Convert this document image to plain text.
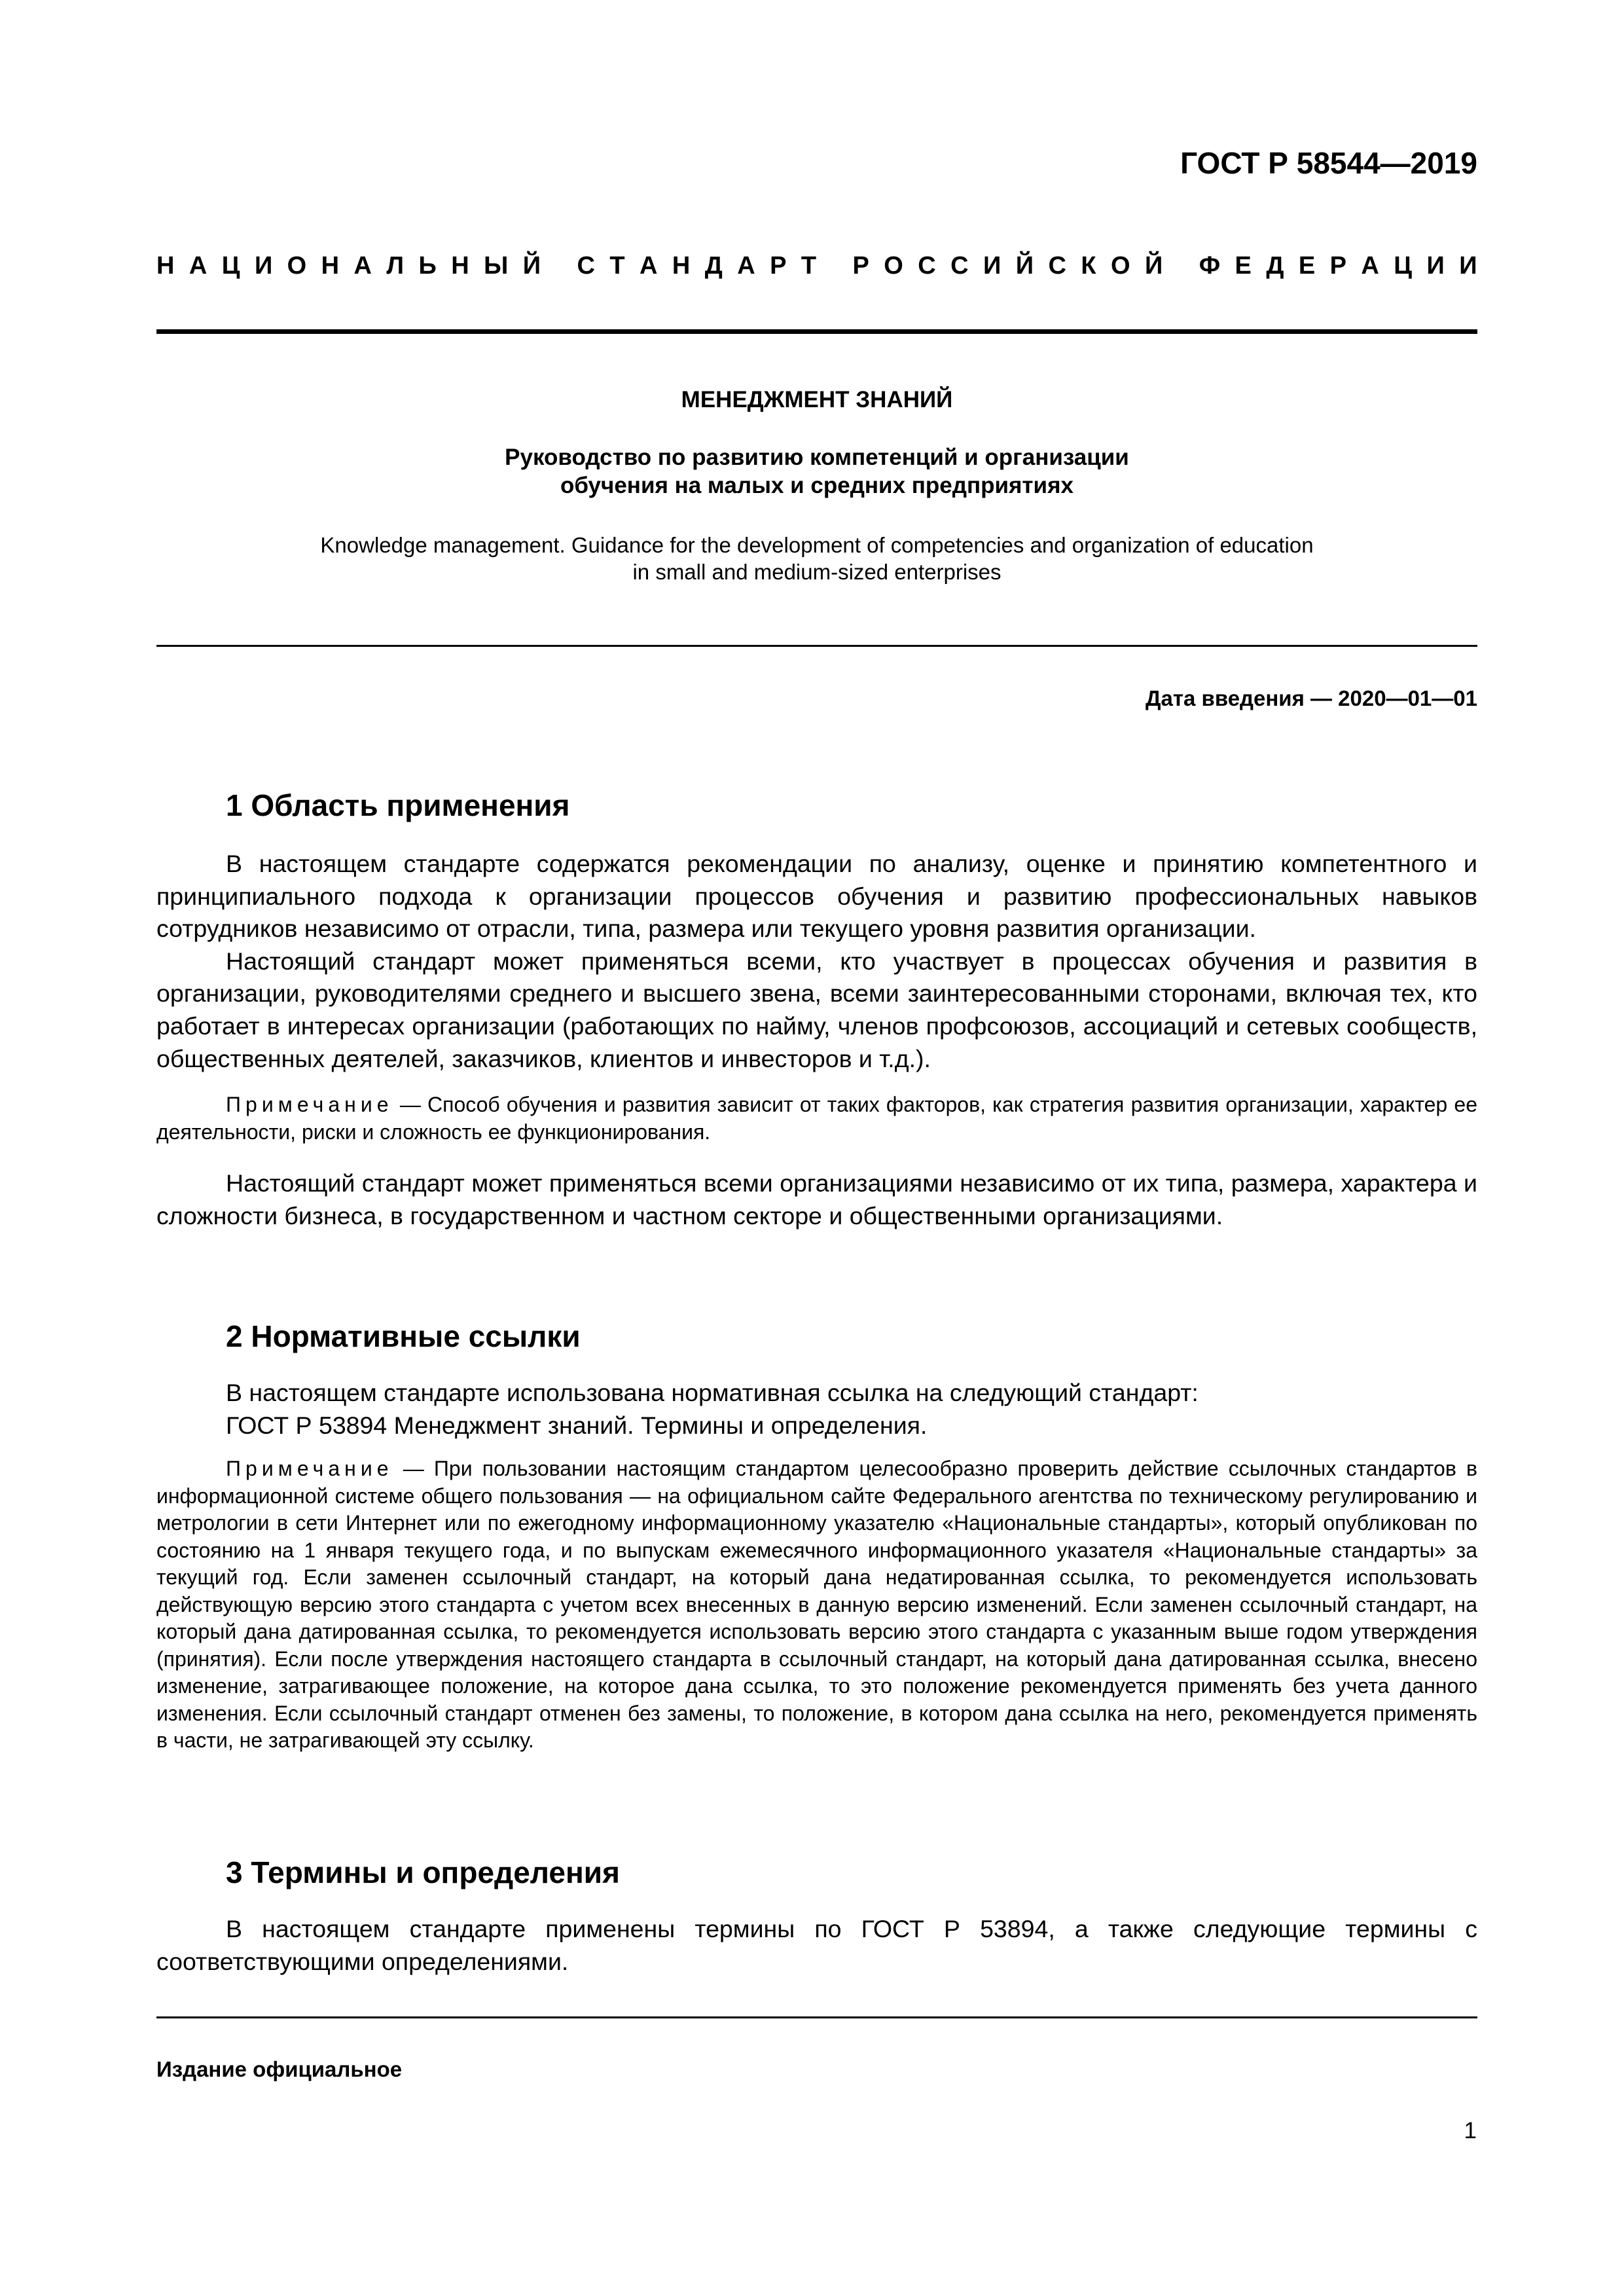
ГОСТ Р 58544—2019
Н А Ц И О Н А Л Ь Н Ы Й
С Т А Н Д А Р Т
Р О С С И Й С К О Й
Ф Е Д Е Р А Ц И И
МЕНЕДЖМЕНТ ЗНАНИЙ

Руководство по развитию компетенций и организации

обучения на малых и средних предприятиях

Knowledge management. Guidance for the development of competencies and organization of education

in small and medium-sized enterprises

Дата введения — 2020—01—01
1 Область применения

В настоящем стандарте содержатся рекомендации по анализу, оценке и принятию компетентного и принципиального подхода к организации процессов обучения и развитию профессиональных навыков сотрудников независимо от отрасли, типа, размера или текущего уровня развития организации.

Настоящий стандарт может применяться всеми, кто участвует в процессах обучения и развития в организации, руководителями среднего и высшего звена, всеми заинтересованными сторонами, включая тех, кто работает в интересах организации (работающих по найму, членов профсоюзов, ассоциаций и сетевых сообществ, общественных деятелей, заказчиков, клиентов и инвесторов и т.д.).

Примечание — Способ обучения и развития зависит от таких факторов, как стратегия развития организации, характер ее деятельности, риски и сложность ее функционирования.

Настоящий стандарт может применяться всеми организациями независимо от их типа, размера, характера и сложности бизнеса, в государственном и частном секторе и общественными организациями.

2 Нормативные ссылки

В настоящем стандарте использована нормативная ссылка на следующий стандарт:

ГОСТ Р 53894 Менеджмент знаний. Термины и определения.

Примечание — При пользовании настоящим стандартом целесообразно проверить действие ссылочных стандартов в информационной системе общего пользования — на официальном сайте Федерального агентства по техническому регулированию и метрологии в сети Интернет или по ежегодному информационному указателю «Национальные стандарты», который опубликован по состоянию на 1 января текущего года, и по выпускам ежемесячного информационного указателя «Национальные стандарты» за текущий год. Если заменен ссылочный стандарт, на который дана недатированная ссылка, то рекомендуется использовать действующую версию этого стандарта с учетом всех внесенных в данную версию изменений. Если заменен ссылочный стандарт, на который дана датированная ссылка, то рекомендуется использовать версию этого стандарта с указанным выше годом утверждения (принятия). Если после утверждения настоящего стандарта в ссылочный стандарт, на который дана датированная ссылка, внесено изменение, затрагивающее положение, на которое дана ссылка, то это положение рекомендуется применять без учета данного изменения. Если ссылочный стандарт отменен без замены, то положение, в котором дана ссылка на него, рекомендуется применять в части, не затрагивающей эту ссылку.

3 Термины и определения

В настоящем стандарте применены термины по ГОСТ Р 53894, а также следующие термины с соответствующими определениями.

Издание официальное
1
